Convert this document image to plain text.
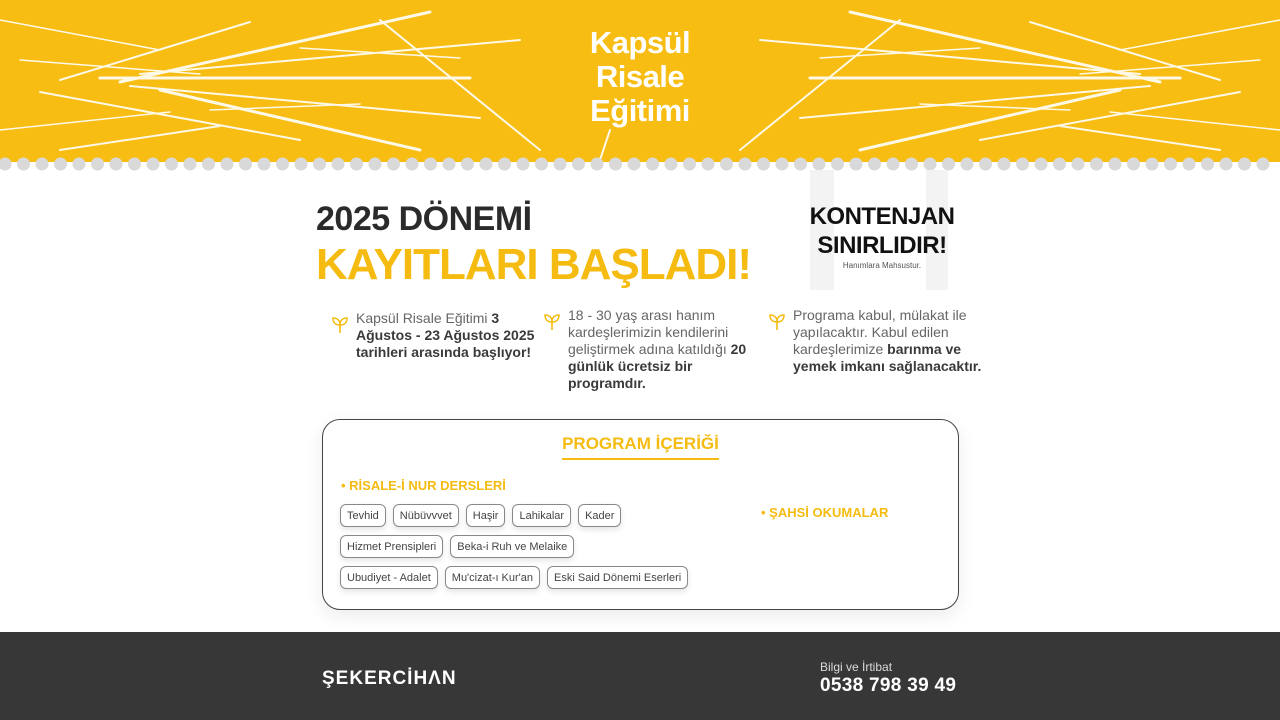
Kapsül
Risale
Eğitimi
2025 DÖNEMİ
KAYITLARI BAŞLADI!
KONTENJAN
SINIRLIDIR!
Hanımlara Mahsustur.
Kapsül Risale Eğitimi 3 Ağustos - 23 Ağustos 2025 tarihleri arasında başlıyor!
18 - 30 yaş arası hanım kardeşlerimizin kendilerini geliştirmek adına katıldığı 20 günlük ücretsiz bir programdır.
Programa kabul, mülakat ile yapılacaktır. Kabul edilen kardeşlerimize barınma ve yemek imkanı sağlanacaktır.
PROGRAM İÇERİĞİ
• RİSALE-İ NUR DERSLERİ
• ŞAHSİ OKUMALAR
Tevhid	Nübüvvvet	Haşir	Lahikalar	Kader
Hizmet Prensipleri	Beka-i Ruh ve Melaike
Ubudiyet - Adalet	Mu'cizat-ı Kur'an	Eski Said Dönemi Eserleri
ŞEKERCİHΛN
Bilgi ve İrtibat
0538 798 39 49
